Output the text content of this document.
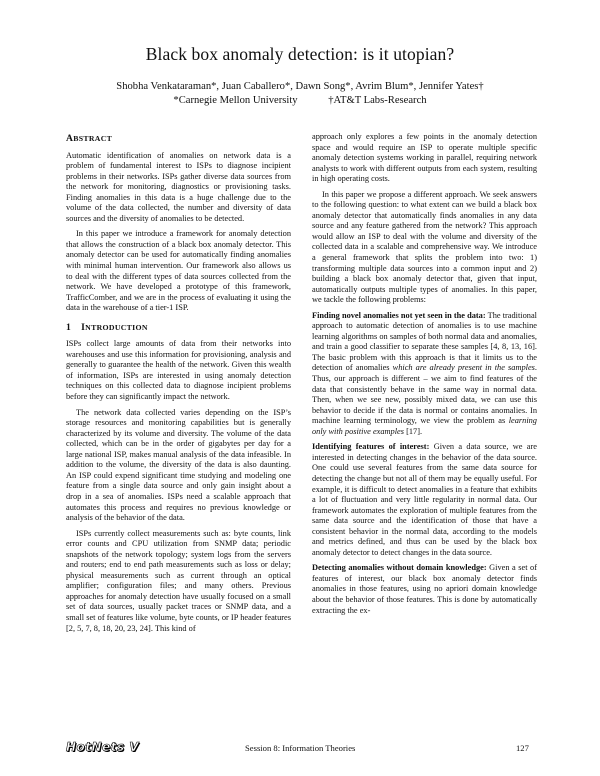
Black box anomaly detection: is it utopian?
Shobha Venkataraman*, Juan Caballero*, Dawn Song*, Avrim Blum*, Jennifer Yates†
*Carnegie Mellon University	†AT&T Labs-Research
ABSTRACT

Automatic identification of anomalies on network data is a problem of fundamental interest to ISPs to diagnose incipient problems in their networks. ISPs gather diverse data sources from the network for monitoring, diagnostics or provisioning tasks. Finding anomalies in this data is a huge challenge due to the volume of the data collected, the number and diversity of data sources and the diversity of anomalies to be detected.

In this paper we introduce a framework for anomaly detection that allows the construction of a black box anomaly detector. This anomaly detector can be used for automatically finding anomalies with minimal human intervention. Our framework also allows us to deal with the different types of data sources collected from the network. We have developed a prototype of this framework, TrafficComber, and we are in the process of evaluating it using the data in the warehouse of a tier-1 ISP.

1 INTRODUCTION

ISPs collect large amounts of data from their networks into warehouses and use this information for provisioning, analysis and generally to guarantee the health of the network. Given this wealth of information, ISPs are interested in using anomaly detection techniques on this collected data to diagnose incipient problems before they can significantly impact the network.

The network data collected varies depending on the ISP’s storage resources and monitoring capabilities but is generally characterized by its volume and diversity. The volume of the data collected, which can be in the order of gigabytes per day for a large national ISP, makes manual analysis of the data infeasible. In addition to the volume, the diversity of the data is also daunting. An ISP could expend significant time studying and modeling one feature from a single data source and only gain insight about a drop in a sea of anomalies. ISPs need a scalable approach that automates this process and requires no previous knowledge or analysis of the behavior of the data.

ISPs currently collect measurements such as: byte counts, link error counts and CPU utilization from SNMP data; periodic snapshots of the network topology; system logs from the servers and routers; end to end path measurements such as loss or delay; physical measurements such as current through an optical amplifier; configuration files; and many others. Previous approaches for anomaly detection have usually focused on a small set of data sources, usually packet traces or SNMP data, and a small set of features like volume, byte counts, or IP header features [2, 5, 7, 8, 18, 20, 23, 24]. This kind of

approach only explores a few points in the anomaly detection space and would require an ISP to operate multiple specific anomaly detection systems working in parallel, requiring network analysts to work with different outputs from each system, resulting in high operating costs.

In this paper we propose a different approach. We seek answers to the following question: to what extent can we build a black box anomaly detector that automatically finds anomalies in any data source and any feature gathered from the network? This approach would allow an ISP to deal with the volume and diversity of the collected data in a scalable and comprehensive way. We introduce a general framework that splits the problem into two: 1) transforming multiple data sources into a common input and 2) building a black box anomaly detector that, given that input, automatically outputs multiple types of anomalies. In this paper, we tackle the following problems:

Finding novel anomalies not yet seen in the data: The traditional approach to automatic detection of anomalies is to use machine learning algorithms on samples of both normal data and anomalies, and train a good classifier to separate these samples [4, 8, 13, 16]. The basic problem with this approach is that it limits us to the detection of anomalies which are already present in the samples. Thus, our approach is different – we aim to find features of the data that consistently behave in the same way in normal data. Then, when we see new, possibly mixed data, we can use this behavior to decide if the data is normal or contains anomalies. In machine learning terminology, we view the problem as learning only with positive examples [17].

Identifying features of interest: Given a data source, we are interested in detecting changes in the behavior of the data source. One could use several features from the same data source for detecting the change but not all of them may be equally useful. For example, it is difficult to detect anomalies in a feature that exhibits a lot of fluctuation and very little regularity in normal data. Our framework automates the exploration of multiple features from the same data source and the identification of those that have a consistent behavior in the normal data, according to the models and metrics defined, and thus can be used by the black box anomaly detector to detect changes in the data source.

Detecting anomalies without domain knowledge: Given a set of features of interest, our black box anomaly detector finds anomalies in those features, using no apriori domain knowledge about the behavior of those features. This is done by automatically extracting the ex-

HotNets V	Session 8: Information Theories	127
